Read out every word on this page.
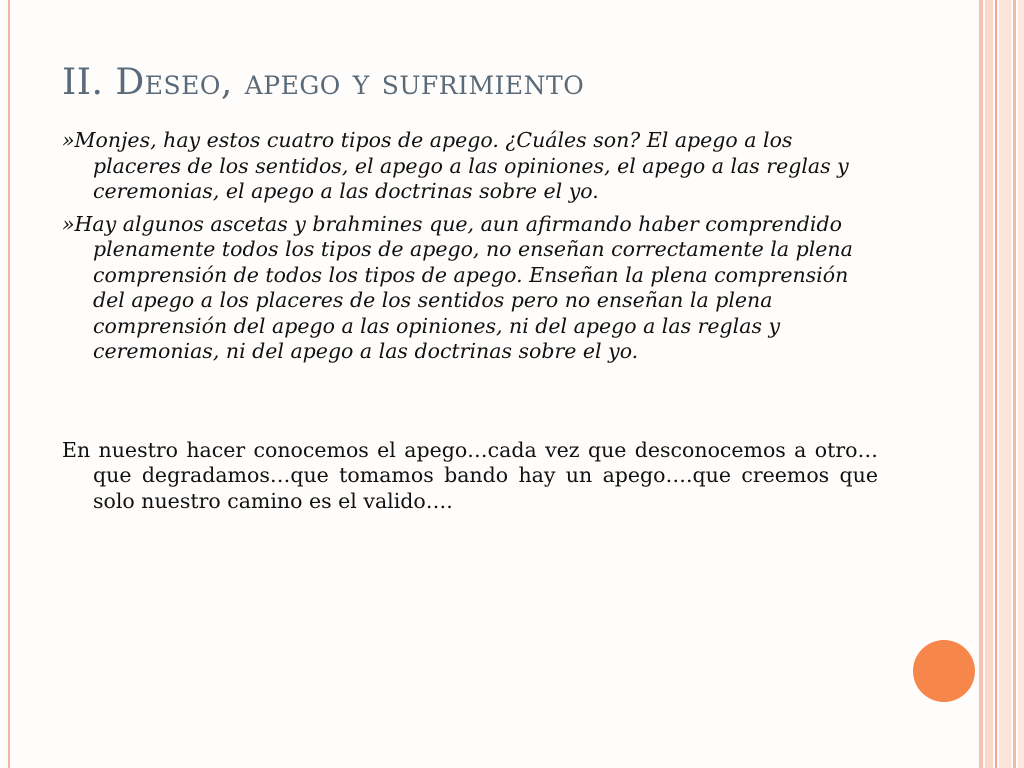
II. Deseo, apego y sufrimiento

»Monjes, hay estos cuatro tipos de apego. ¿Cuáles son? El apego a los placeres de los sentidos, el apego a las opiniones, el apego a las reglas y ceremonias, el apego a las doctrinas sobre el yo.

»Hay algunos ascetas y brahmines que, aun afirmando haber comprendido plenamente todos los tipos de apego, no enseñan correctamente la plena comprensión de todos los tipos de apego. Enseñan la plena comprensión del apego a los placeres de los sentidos pero no enseñan la plena comprensión del apego a las opiniones, ni del apego a las reglas y ceremonias, ni del apego a las doctrinas sobre el yo.

En nuestro hacer conocemos el apego…cada vez que desconocemos a otro…que degradamos…que tomamos bando hay un apego….que creemos que solo nuestro camino es el valido….
